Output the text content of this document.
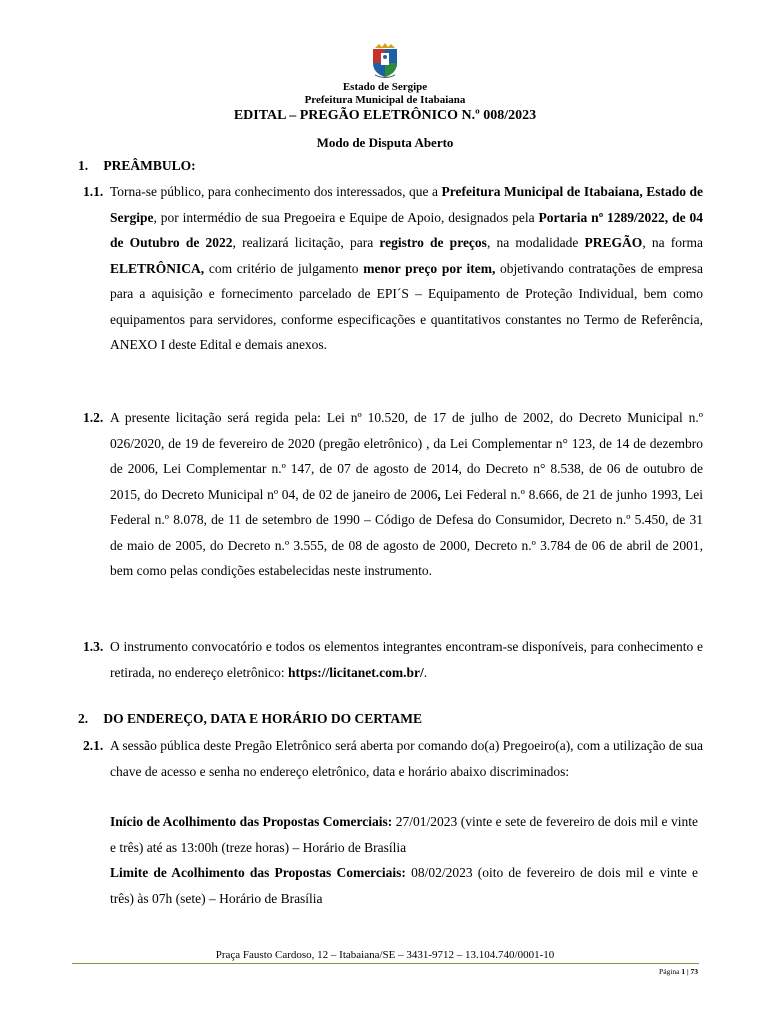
Estado de Sergipe
Prefeitura Municipal de Itabaiana
EDITAL – PREGÃO ELETRÔNICO N.º 008/2023
Modo de Disputa Aberto
1. PREÂMBULO:
1.1. Torna-se público, para conhecimento dos interessados, que a Prefeitura Municipal de Itabaiana, Estado de Sergipe, por intermédio de sua Pregoeira e Equipe de Apoio, designados pela Portaria nº 1289/2022, de 04 de Outubro de 2022, realizará licitação, para registro de preços, na modalidade PREGÃO, na forma ELETRÔNICA, com critério de julgamento menor preço por item, objetivando contratações de empresa para a aquisição e fornecimento parcelado de EPI´S – Equipamento de Proteção Individual, bem como equipamentos para servidores, conforme especificações e quantitativos constantes no Termo de Referência, ANEXO I deste Edital e demais anexos.
1.2. A presente licitação será regida pela: Lei nº 10.520, de 17 de julho de 2002, do Decreto Municipal n.º 026/2020, de 19 de fevereiro de 2020 (pregão eletrônico) , da Lei Complementar n° 123, de 14 de dezembro de 2006, Lei Complementar n.º 147, de 07 de agosto de 2014, do Decreto n° 8.538, de 06 de outubro de 2015, do Decreto Municipal nº 04, de 02 de janeiro de 2006, Lei Federal n.º 8.666, de 21 de junho 1993, Lei Federal n.º 8.078, de 11 de setembro de 1990 – Código de Defesa do Consumidor, Decreto n.º 5.450, de 31 de maio de 2005, do Decreto n.º 3.555, de 08 de agosto de 2000, Decreto n.º 3.784 de 06 de abril de 2001, bem como pelas condições estabelecidas neste instrumento.
1.3. O instrumento convocatório e todos os elementos integrantes encontram-se disponíveis, para conhecimento e retirada, no endereço eletrônico: https://licitanet.com.br/.
2. DO ENDEREÇO, DATA E HORÁRIO DO CERTAME
2.1. A sessão pública deste Pregão Eletrônico será aberta por comando do(a) Pregoeiro(a), com a utilização de sua chave de acesso e senha no endereço eletrônico, data e horário abaixo discriminados:
Início de Acolhimento das Propostas Comerciais: 27/01/2023 (vinte e sete de fevereiro de dois mil e vinte e três) até as 13:00h (treze horas) – Horário de Brasília
Limite de Acolhimento das Propostas Comerciais: 08/02/2023 (oito de fevereiro de dois mil e vinte e três) às 07h (sete) – Horário de Brasília
Praça Fausto Cardoso, 12 – Itabaiana/SE – 3431-9712 – 13.104.740/0001-10
Página 1 | 73
